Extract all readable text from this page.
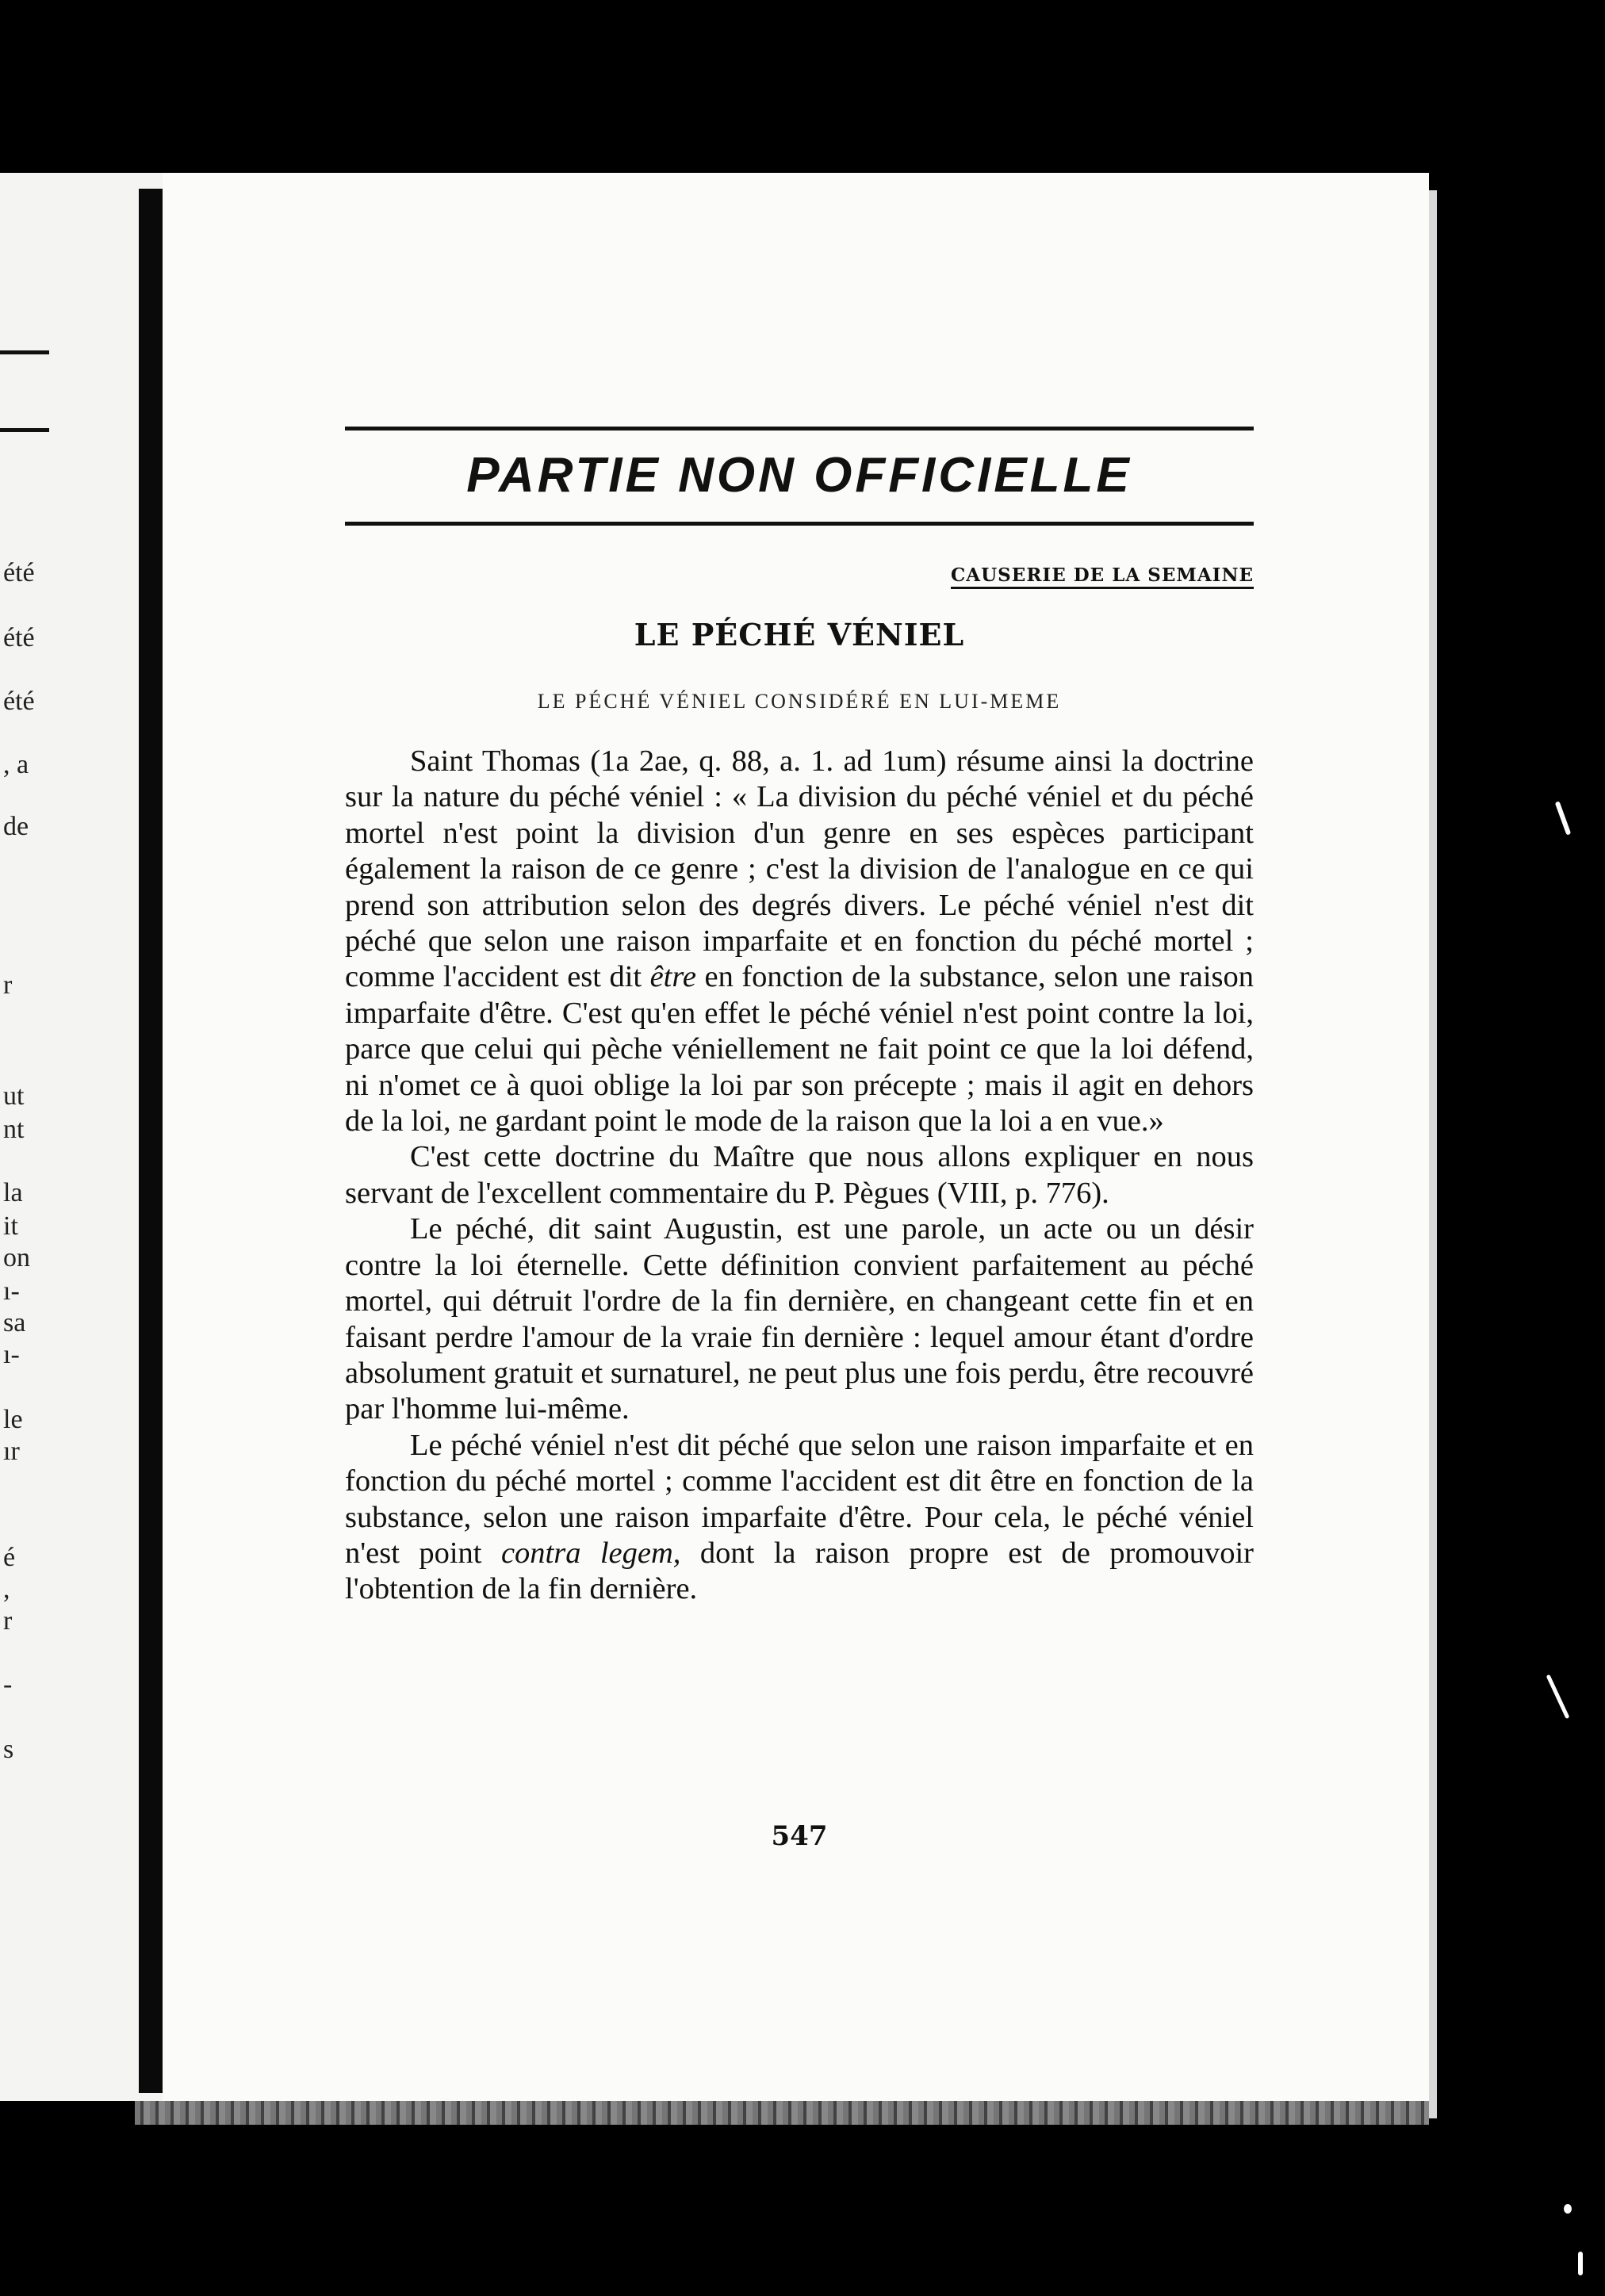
été
été
été
, a
de
r
ut
nt
la
it
on
ı-
sa
ı-
le
ır
é
,
r
-
s
PARTIE NON OFFICIELLE
CAUSERIE DE LA SEMAINE
LE PÉCHÉ VÉNIEL
LE PÉCHÉ VÉNIEL CONSIDÉRÉ EN LUI-MEME

Saint Thomas (1a 2ae, q. 88, a. 1. ad 1um) résume ainsi la doctrine sur la nature du péché véniel : « La division du péché véniel et du péché mortel n'est point la division d'un genre en ses espèces participant également la raison de ce genre ; c'est la division de l'analogue en ce qui prend son attribution selon des degrés divers. Le péché véniel n'est dit péché que selon une raison imparfaite et en fonction du péché mortel ; comme l'accident est dit être en fonction de la substance, selon une raison imparfaite d'être. C'est qu'en effet le péché véniel n'est point contre la loi, parce que celui qui pèche véniellement ne fait point ce que la loi défend, ni n'omet ce à quoi oblige la loi par son précepte ; mais il agit en dehors de la loi, ne gardant point le mode de la raison que la loi a en vue.»

C'est cette doctrine du Maître que nous allons expliquer en nous servant de l'excellent commentaire du P. Pègues (VIII, p. 776).

Le péché, dit saint Augustin, est une parole, un acte ou un désir contre la loi éternelle. Cette définition convient parfaitement au péché mortel, qui détruit l'ordre de la fin dernière, en changeant cette fin et en faisant perdre l'amour de la vraie fin dernière : lequel amour étant d'ordre absolument gratuit et surnaturel, ne peut plus une fois perdu, être recouvré par l'homme lui-même.

Le péché véniel n'est dit péché que selon une raison imparfaite et en fonction du péché mortel ; comme l'accident est dit être en fonction de la substance, selon une raison imparfaite d'être. Pour cela, le péché véniel n'est point contra legem, dont la raison propre est de promouvoir l'obtention de la fin dernière.

547
